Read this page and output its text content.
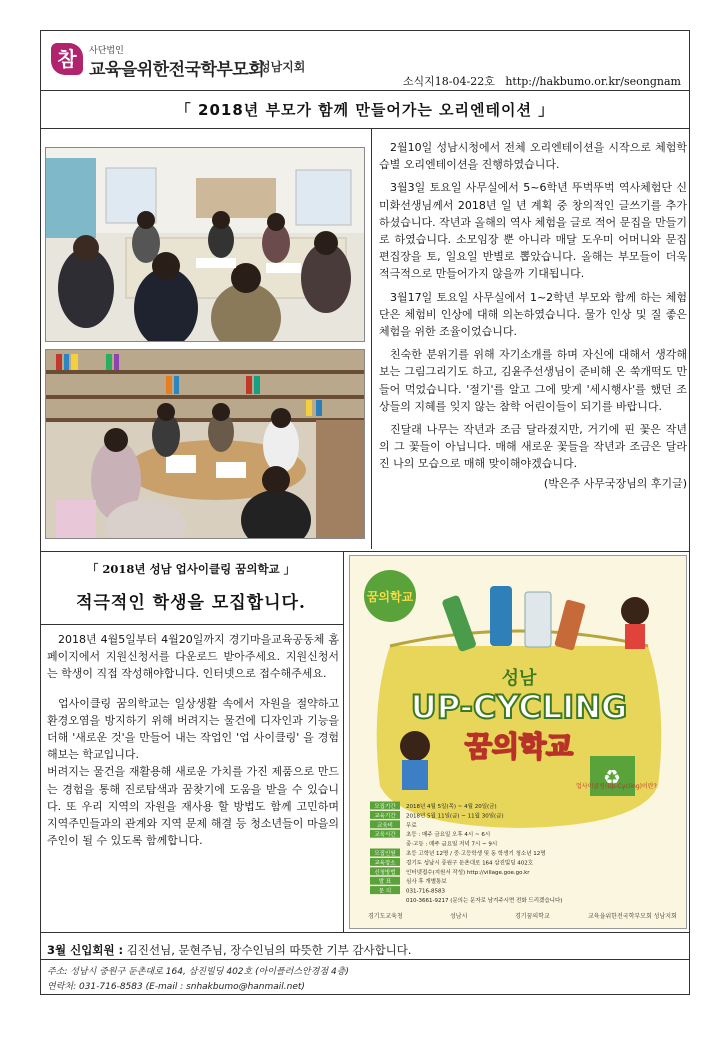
참	사단법인
교육을위한전국학부모회
성남지회
소식지18-04-22호   http://hakbumo.or.kr/seongnam
「 2018년 부모가 함께 만들어가는 오리엔테이션 」

2월10일 성남시청에서 전체 오리엔테이션을 시작으로 체험학습별 오리엔테이션을 진행하였습니다.

3월3일 토요일 사무실에서 5~6학년 뚜벅뚜벅 역사체험단 신미화선생님께서 2018년 일 년 계획 중 창의적인 글쓰기를 추가하셨습니다. 작년과 올해의 역사 체험을 글로 적어 문집을 만들기로 하였습니다. 소모임장 뿐 아니라 매달 도우미 어머니와 문집 편집장을 토, 일요일 반별로 뽑았습니다. 올해는 부모들이 더욱 적극적으로 만들어가지 않을까 기대됩니다.

3월17일 토요일 사무실에서 1~2학년 부모와 함께 하는 체험단은 체험비 인상에 대해 의논하였습니다. 물가 인상 및 질 좋은 체험을 위한 조율이었습니다.

친숙한 분위기를 위해 자기소개를 하며 자신에 대해서 생각해보는 그림그리기도 하고, 김윤주선생님이 준비해 온 쑥개떡도 만들어 먹었습니다. '절기'를 알고 그에 맞게 '세시행사'를 했던 조상들의 지혜를 잊지 않는 참학 어린이들이 되기를 바랍니다.

진달래 나무는 작년과 조금 달라졌지만, 거기에 핀 꽃은 작년의 그 꽃들이 아닙니다. 매해 새로운 꽃들을 작년과 조금은 달라진 나의 모습으로 매해 맞이해야겠습니다.

(박은주 사무국장님의 후기글)

「 2018년 성남 업사이클링 꿈의학교 」
적극적인 학생을 모집합니다.

2018년 4월5일부터 4월20일까지 경기마을교육공동체 홈페이지에서 지원신청서를 다운로드 받아주세요. 지원신청서는 학생이 직접 작성해야합니다. 인터넷으로 접수해주세요.

업사이클링 꿈의학교는 일상생활 속에서 자원을 절약하고 환경오염을 방지하기 위해 버려지는 물건에 디자인과 기능을 더해 '새로운 것'을 만들어 내는 작업인 '업 사이클링' 을 경험해보는 학교입니다.

버려지는 물건을 재활용해 새로운 가치를 가진 제품으로 만드는 경험을 통해 진로탐색과 꿈찾기에 도움을 받을 수 있습니다. 또 우리 지역의 자원을 재사용 할 방법도 함께 고민하며 지역주민들과의 관계와 지역 문제 해결 등 청소년들이 마을의 주인이 될 수 있도록 함께합니다.

꿈의학교
성남
UP-CYCLING
꿈의학교
♻
업사이클링(Up-Cycling)이란?
모집기간 2018년 4월 5일(목) ~ 4월 20일(금)
교육기간 2018년 5월 11일(금) ~ 11월 30일(금)
교육비 무료
교육시간 초등 : 매주 금요일 오후 4시 ~ 6시
중·고등 : 매주 금요일 저녁 7시 ~ 9시
모집인원 초등 고학년 12명 / 중·고등학생 및 동 학생기 청소년 12명
교육장소 경기도 성남시 중원구 둔촌대로 164 삼진빌딩 402호
신청방법 인터넷접수(지원서 작성) http://village.goe.go.kr
발 표	심사 후 개별통보
문 의	031-716-8583
010-3661-9217 (문의는 문자로 남겨주시면 전화 드리겠습니다)
경기도교육청	성남시	경기꿈의학교	교육을위한전국학부모회 성남지회
3월 신입회원 : 김진선님, 문현주님, 장수인님의 따뜻한 기부 감사합니다.
주소: 성남시 중원구 둔촌대로 164, 삼진빌딩 402호 (아이플러스안경점 4층)
연락처: 031-716-8583 (E-mail : snhakbumo@hanmail.net)
